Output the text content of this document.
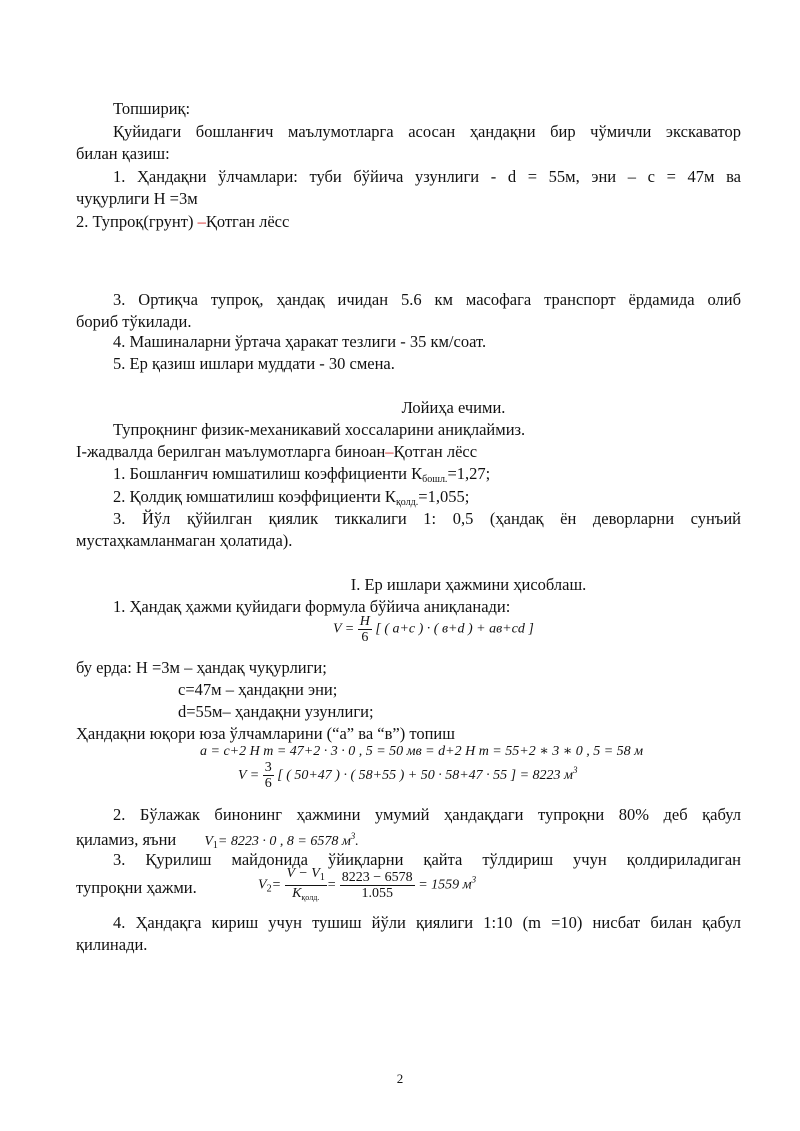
Топшириқ:
Қуйидаги бошланғич маълумотларга асосан ҳандақни бир чўмичли экскаватор
билан қазиш:
1. Ҳандақни ўлчамлари: туби бўйича узунлиги - d = 55м, эни – с = 47м ва
чуқурлиги Н =3м
2. Тупроқ(грунт) –Қотган лёсс
3. Ортиқча тупроқ, ҳандақ ичидан 5.6 км масофага транспорт ёрдамида олиб
бориб тўкилади.
4. Машиналарни ўртача ҳаракат тезлиги - 35 км/соат.
5. Ер қазиш ишлари муддати - 30 смена.
Лойиҳа ечими.
Тупроқнинг физик-механикавий хоссаларини аниқлаймиз.
I-жадвалда берилган маълумотларга биноан–Қотган лёсс
1. Бошланғич юмшатилиш коэффициенти $К_{бошл.}=1,27$;
2. Қолдиқ юмшатилиш коэффициенти $К_{қолд.}=1,055$;
3. Йўл қўйилган қиялик тиккалиги 1: 0,5 (ҳандақ ён деворларни сунъий
мустаҳкамланмаган ҳолатида).
I. Ер ишлари ҳажмини ҳисоблаш.
1. Ҳандақ ҳажми қуйидаги формула бўйича аниқланади:
$V = \frac{H}{6}$ [ ( a+c ) · ( в+d ) + aв+cd ]
бу ерда: Н =3м – ҳандақ чуқурлиги;
с=47м – ҳандақни эни;
d=55м– ҳандақни узунлиги;
Ҳандақни юқори юза ўлчамларини (“а” ва “в”) топиш
a = c+2 H m = 47+2 · 3 · 0 , 5 = 50 мв = d+2 H m = 55+2 ∗ 3 ∗ 0 , 5 = 58 м
$V = \frac{3}{6}$ [ ( 50+47 ) · ( 58+55 ) + 50 · 58+47 · 55 ] = 8223 $м^3$
2. Бўлажак бинонинг ҳажмини умумий ҳандақдаги тупроқни 80% деб қабул
қиламиз, яъни $V_1= 8223 \cdot 0$ , 8 = 6578 $м^3$.
3. Қурилиш майдонида ўйиқларни қайта тўлдириш учун қолдириладиган
тупроқни ҳажми.	$V_2= \frac{V - V_1}{K_{қолд.}} = \frac{8223 - 6578}{1.055} = 1559$ $м^3$
4. Ҳандақга кириш учун тушиш йўли қиялиги 1:10 (m =10) нисбат билан қабул
қилинади.
2
